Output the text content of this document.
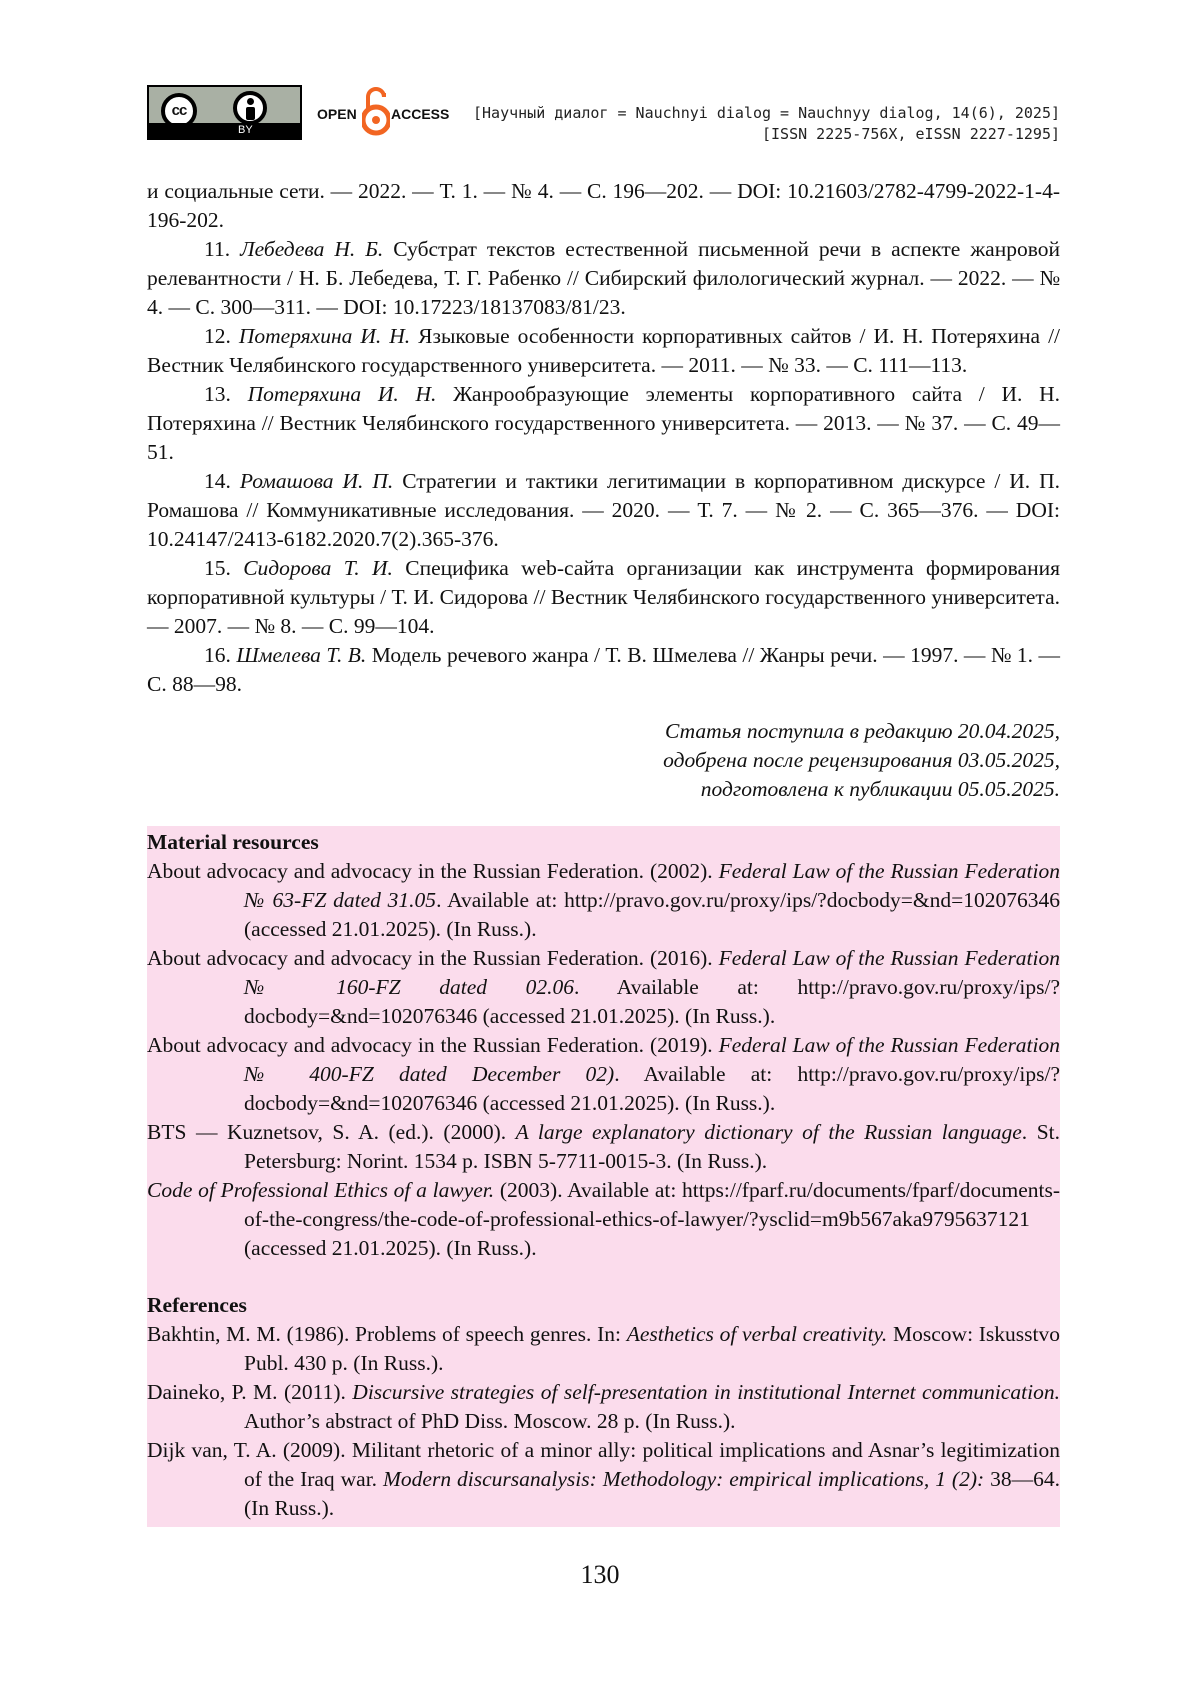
cc
BY
OPEN ACCESS [Научный диалог = Nauchnyi dialog = Nauchnyy dialog, 14(6), 2025]
[ISSN 2225-756X, eISSN 2227-1295]

и социальные сети. — 2022. — Т. 1. — № 4. — С. 196—202. — DOI: 10.21603/2782-4799-2022-1-4-196-202.

11. Лебедева Н. Б. Субстрат текстов естественной письменной речи в аспекте жанровой релевантности / Н. Б. Лебедева, Т. Г. Рабенко // Сибирский филологический журнал. — 2022. — № 4. — С. 300—311. — DOI: 10.17223/18137083/81/23.

12. Потеряхина И. Н. Языковые особенности корпоративных сайтов / И. Н. Потеряхина // Вестник Челябинского государственного университета. — 2011. — № 33. — С. 111—113.

13. Потеряхина И. Н. Жанрообразующие элементы корпоративного сайта / И. Н. Потеряхина // Вестник Челябинского государственного университета. — 2013. — № 37. — С. 49—51.

14. Ромашова И. П. Стратегии и тактики легитимации в корпоративном дискурсе / И. П. Ромашова // Коммуникативные исследования. — 2020. — Т. 7. — № 2. — С. 365—376. — DOI: 10.24147/2413-6182.2020.7(2).365-376.

15. Сидорова Т. И. Специфика web-сайта организации как инструмента формирования корпоративной культуры / Т. И. Сидорова // Вестник Челябинского государственного университета. — 2007. — № 8. — С. 99—104.

16. Шмелева Т. В. Модель речевого жанра / Т. В. Шмелева // Жанры речи. — 1997. — № 1. — С. 88—98.

Статья поступила в редакцию 20.04.2025,
одобрена после рецензирования 03.05.2025,
подготовлена к публикации 05.05.2025.
Material resources

About advocacy and advocacy in the Russian Federation. (2002). Federal Law of the Russian Federation № 63-FZ dated 31.05. Available at: http://pravo.gov.ru/proxy/ips/?docbody=&nd=102076346 (accessed 21.01.2025). (In Russ.).

About advocacy and advocacy in the Russian Federation. (2016). Federal Law of the Russian Federation № 160-FZ dated 02.06. Available at: http://pravo.gov.ru/proxy/ips/?docbody=&nd=102076346 (accessed 21.01.2025). (In Russ.).

About advocacy and advocacy in the Russian Federation. (2019). Federal Law of the Russian Federation № 400-FZ dated December 02). Available at: http://pravo.gov.ru/proxy/ips/?docbody=&nd=102076346 (accessed 21.01.2025). (In Russ.).

BTS — Kuznetsov, S. A. (ed.). (2000). A large explanatory dictionary of the Russian language. St. Petersburg: Norint. 1534 p. ISBN 5-7711-0015-3. (In Russ.).

Code of Professional Ethics of a lawyer. (2003). Available at: https://fparf.ru/documents/fparf/documents-of-the-congress/the-code-of-professional-ethics-of-lawyer/?ysclid=m9b567aka9795637121 (accessed 21.01.2025). (In Russ.).

References

Bakhtin, M. M. (1986). Problems of speech genres. In: Aesthetics of verbal creativity. Moscow: Iskusstvo Publ. 430 p. (In Russ.).

Daineko, P. M. (2011). Discursive strategies of self-presentation in institutional Internet communication. Author’s abstract of PhD Diss. Moscow. 28 p. (In Russ.).

Dijk van, T. A. (2009). Militant rhetoric of a minor ally: political implications and Asnar’s legitimization of the Iraq war. Modern discursanalysis: Methodology: empirical implications, 1 (2): 38—64. (In Russ.).

130
